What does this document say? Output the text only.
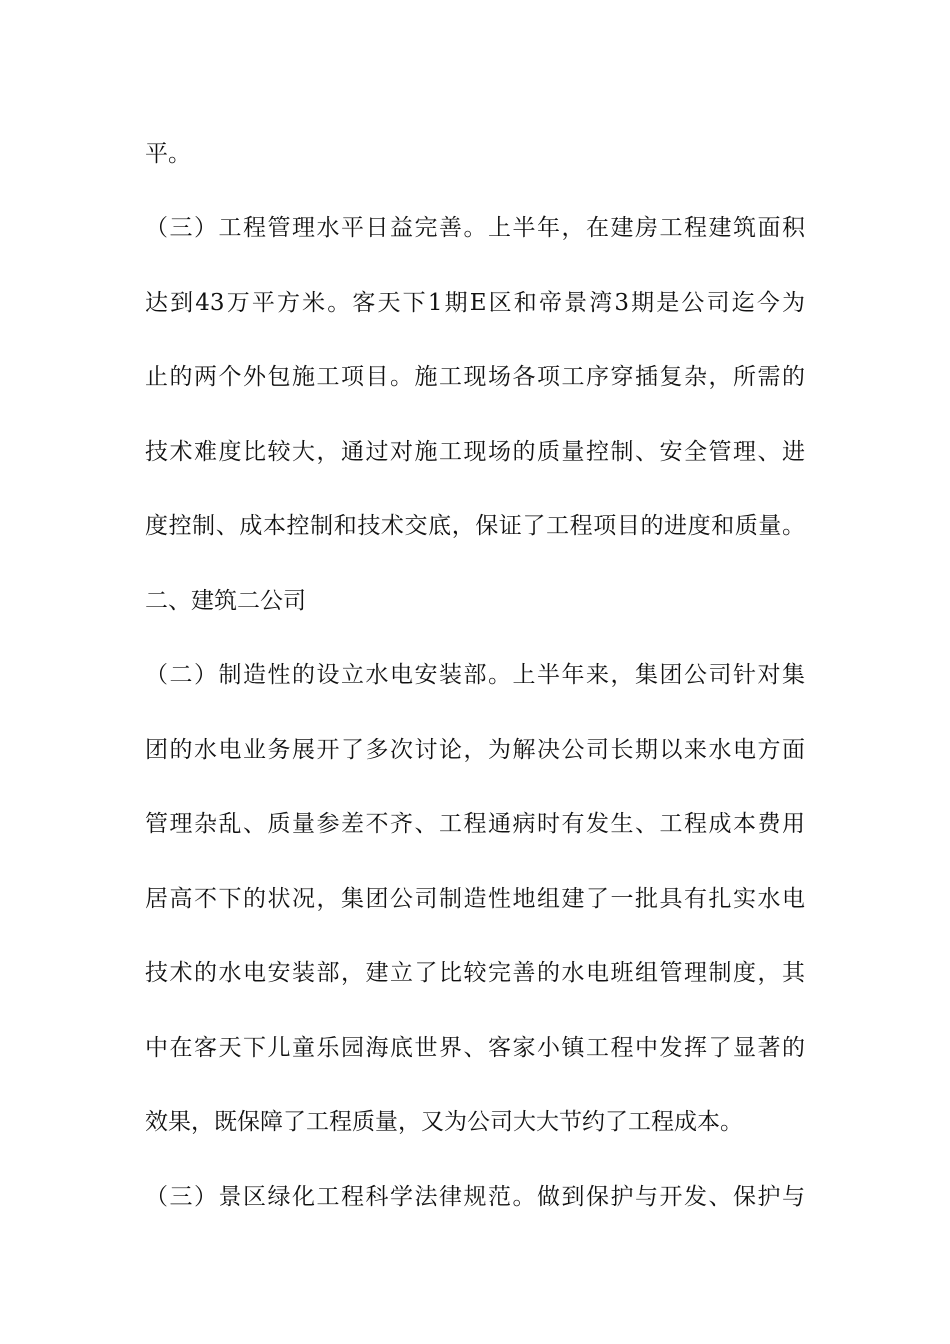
平。
（三）工程管理水平日益完善。上半年，在建房工程建筑面积
达到43万平方米。客天下1期E区和帝景湾3期是公司迄今为
止的两个外包施工项目。施工现场各项工序穿插复杂，所需的
技术难度比较大，通过对施工现场的质量控制、安全管理、进
度控制、成本控制和技术交底，保证了工程项目的进度和质量。
二、建筑二公司
（二）制造性的设立水电安装部。上半年来，集团公司针对集
团的水电业务展开了多次讨论，为解决公司长期以来水电方面
管理杂乱、质量参差不齐、工程通病时有发生、工程成本费用
居高不下的状况，集团公司制造性地组建了一批具有扎实水电
技术的水电安装部，建立了比较完善的水电班组管理制度，其
中在客天下儿童乐园海底世界、客家小镇工程中发挥了显著的
效果，既保障了工程质量，又为公司大大节约了工程成本。
（三）景区绿化工程科学法律规范。做到保护与开发、保护与
